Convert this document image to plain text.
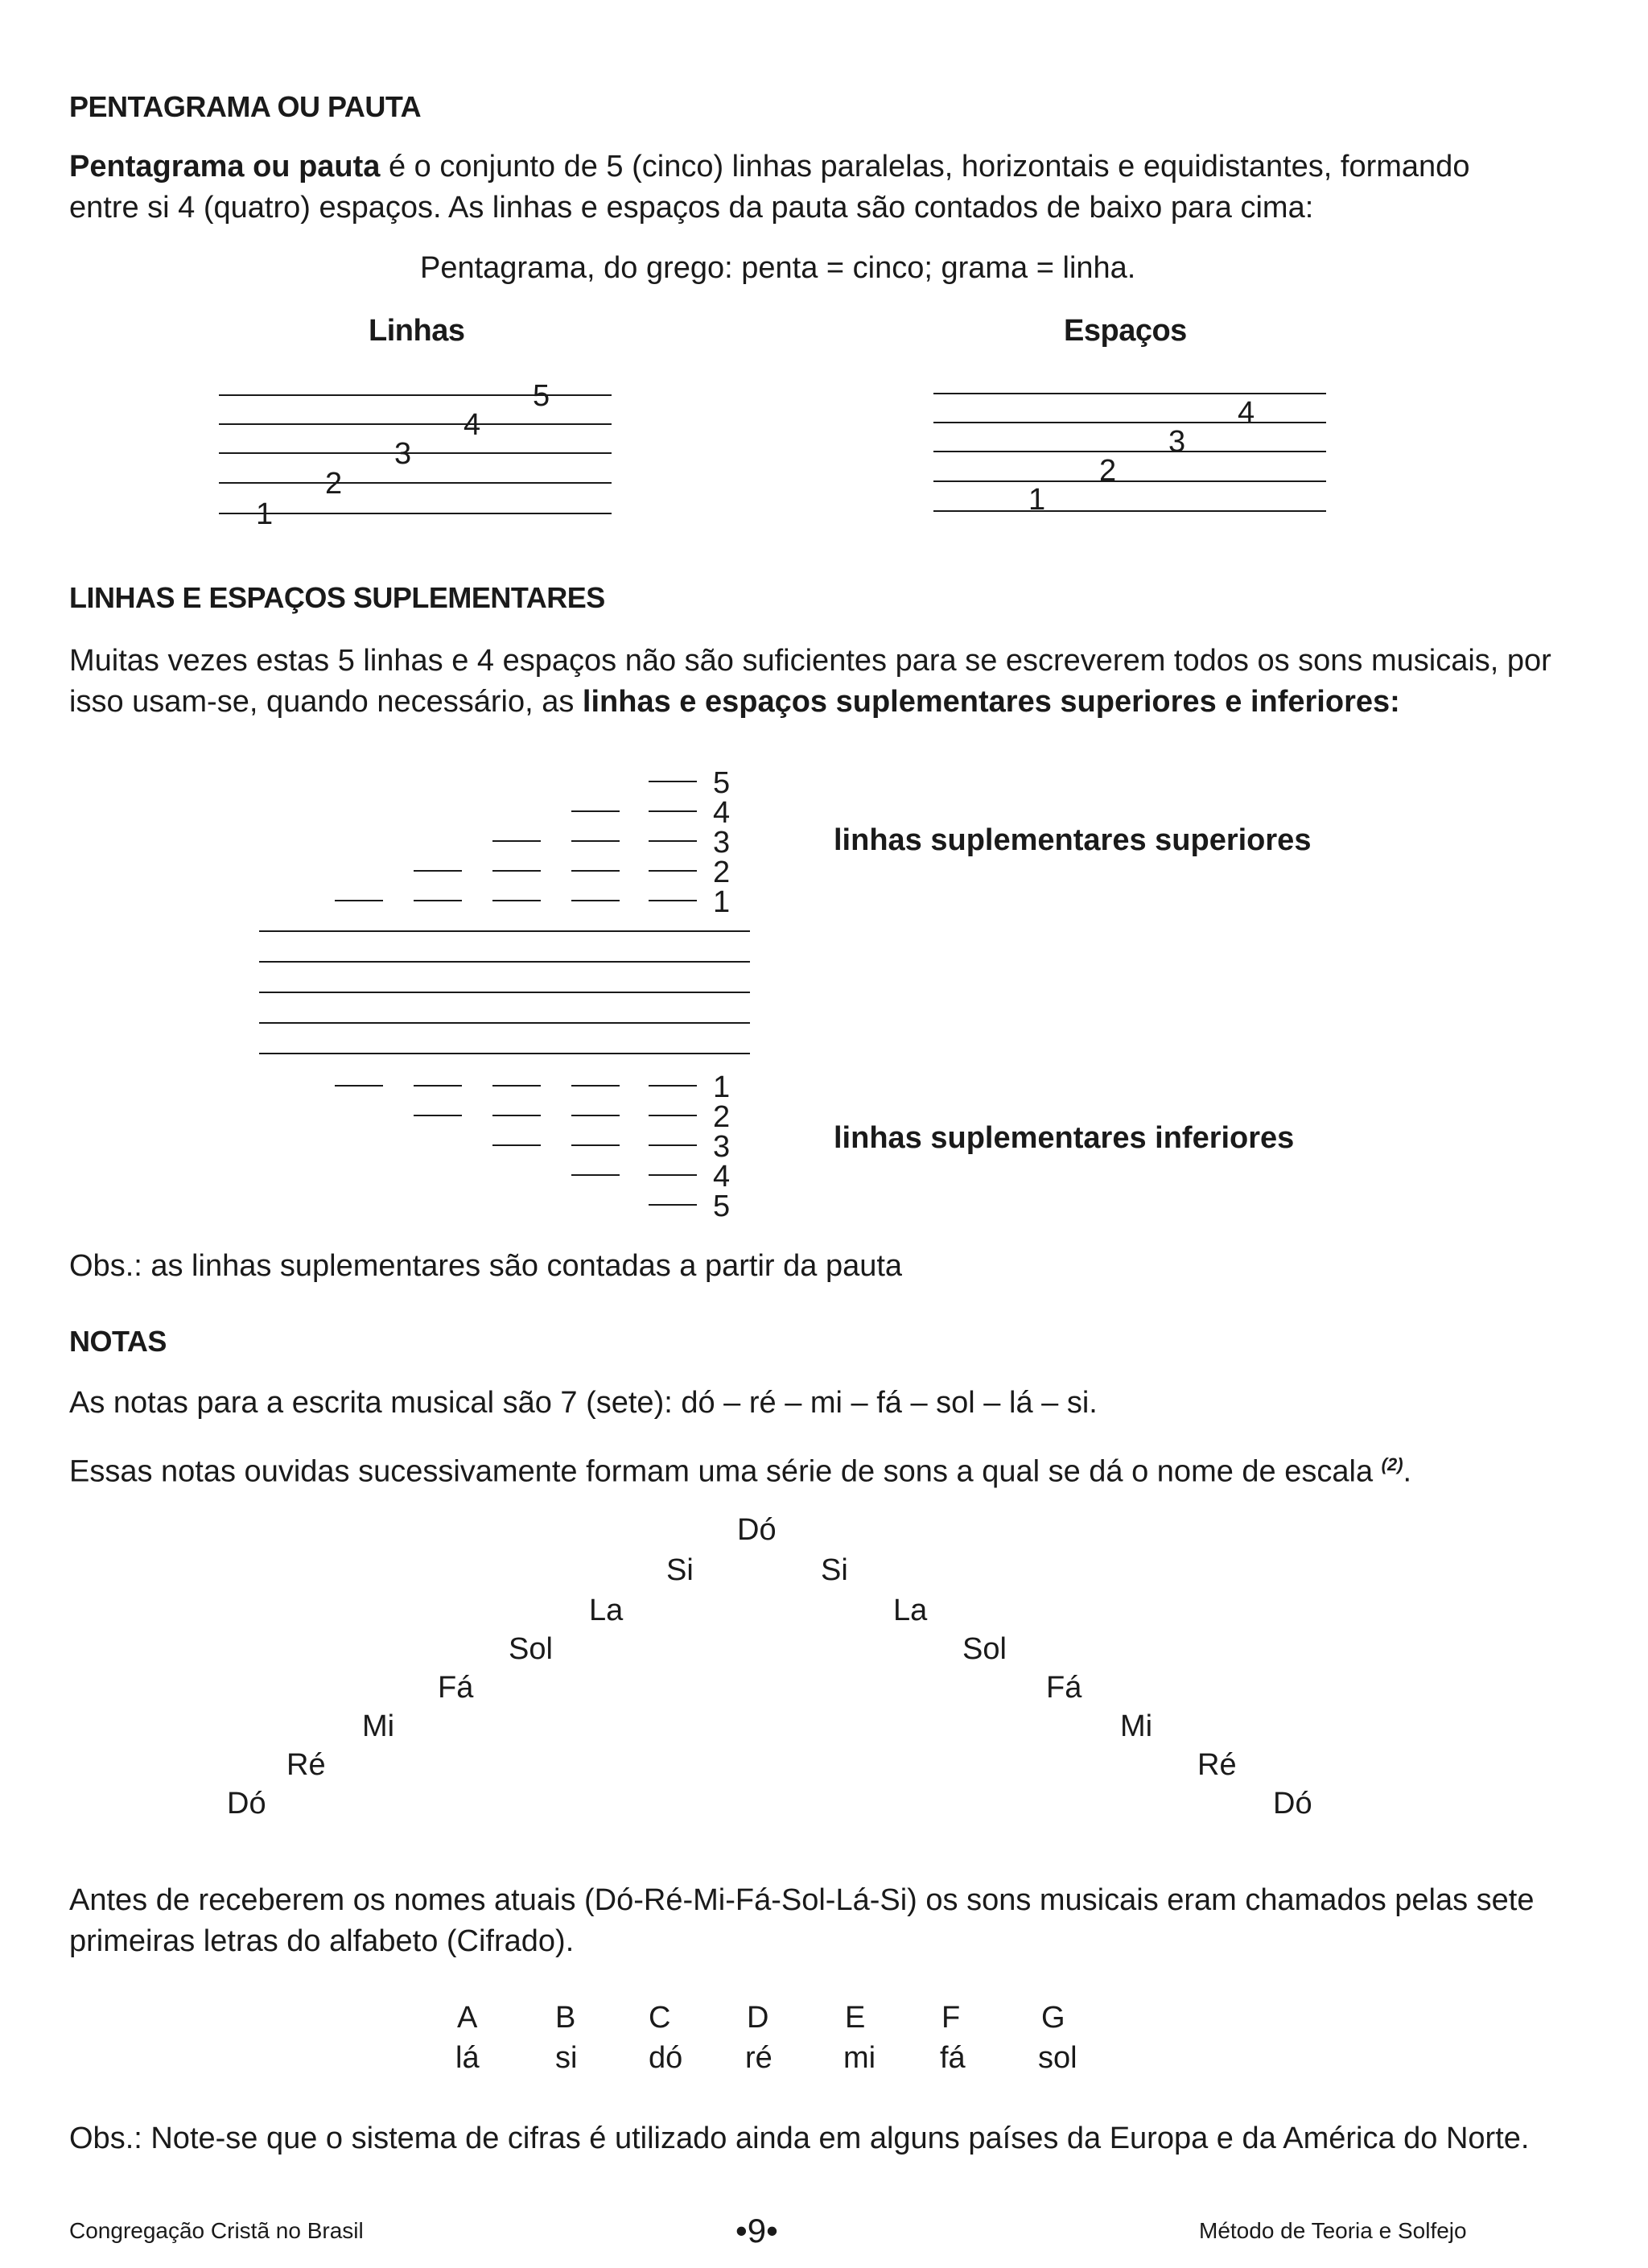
PENTAGRAMA OU PAUTA
Pentagrama ou pauta é o conjunto de 5 (cinco) linhas paralelas, horizontais e equidistantes, formando
entre si 4 (quatro) espaços. As linhas e espaços da pauta são contados de baixo para cima:
Pentagrama, do grego: penta = cinco; grama = linha.
Linhas	Espaços
1
2
3
4
5
1
2
3
4
LINHAS E ESPAÇOS SUPLEMENTARES
Muitas vezes estas 5 linhas e 4 espaços não são suficientes para se escreverem todos os sons musicais, por
isso usam-se, quando necessário, as linhas e espaços suplementares superiores e inferiores:
5
4
3
2
1
1
2
3
4
5
linhas suplementares superiores
linhas suplementares inferiores
Obs.: as linhas suplementares são contadas a partir da pauta
NOTAS
As notas para a escrita musical são 7 (sete): dó – ré – mi – fá – sol – lá – si.
Essas notas ouvidas sucessivamente formam uma série de sons a qual se dá o nome de escala $^{(2)}$.
Dó
Ré
Mi
Fá
Sol
La
Si
Dó
Si
La
Sol
Fá
Mi
Ré
Dó
Antes de receberem os nomes atuais (Dó-Ré-Mi-Fá-Sol-Lá-Si) os sons musicais eram chamados pelas sete
primeiras letras do alfabeto (Cifrado).
A	B C D E F	G
lá si dó ré mi fá sol
Obs.: Note-se que o sistema de cifras é utilizado ainda em alguns países da Europa e da América do Norte.
Congregação Cristã no Brasil	•9•	Método de Teoria e Solfejo
